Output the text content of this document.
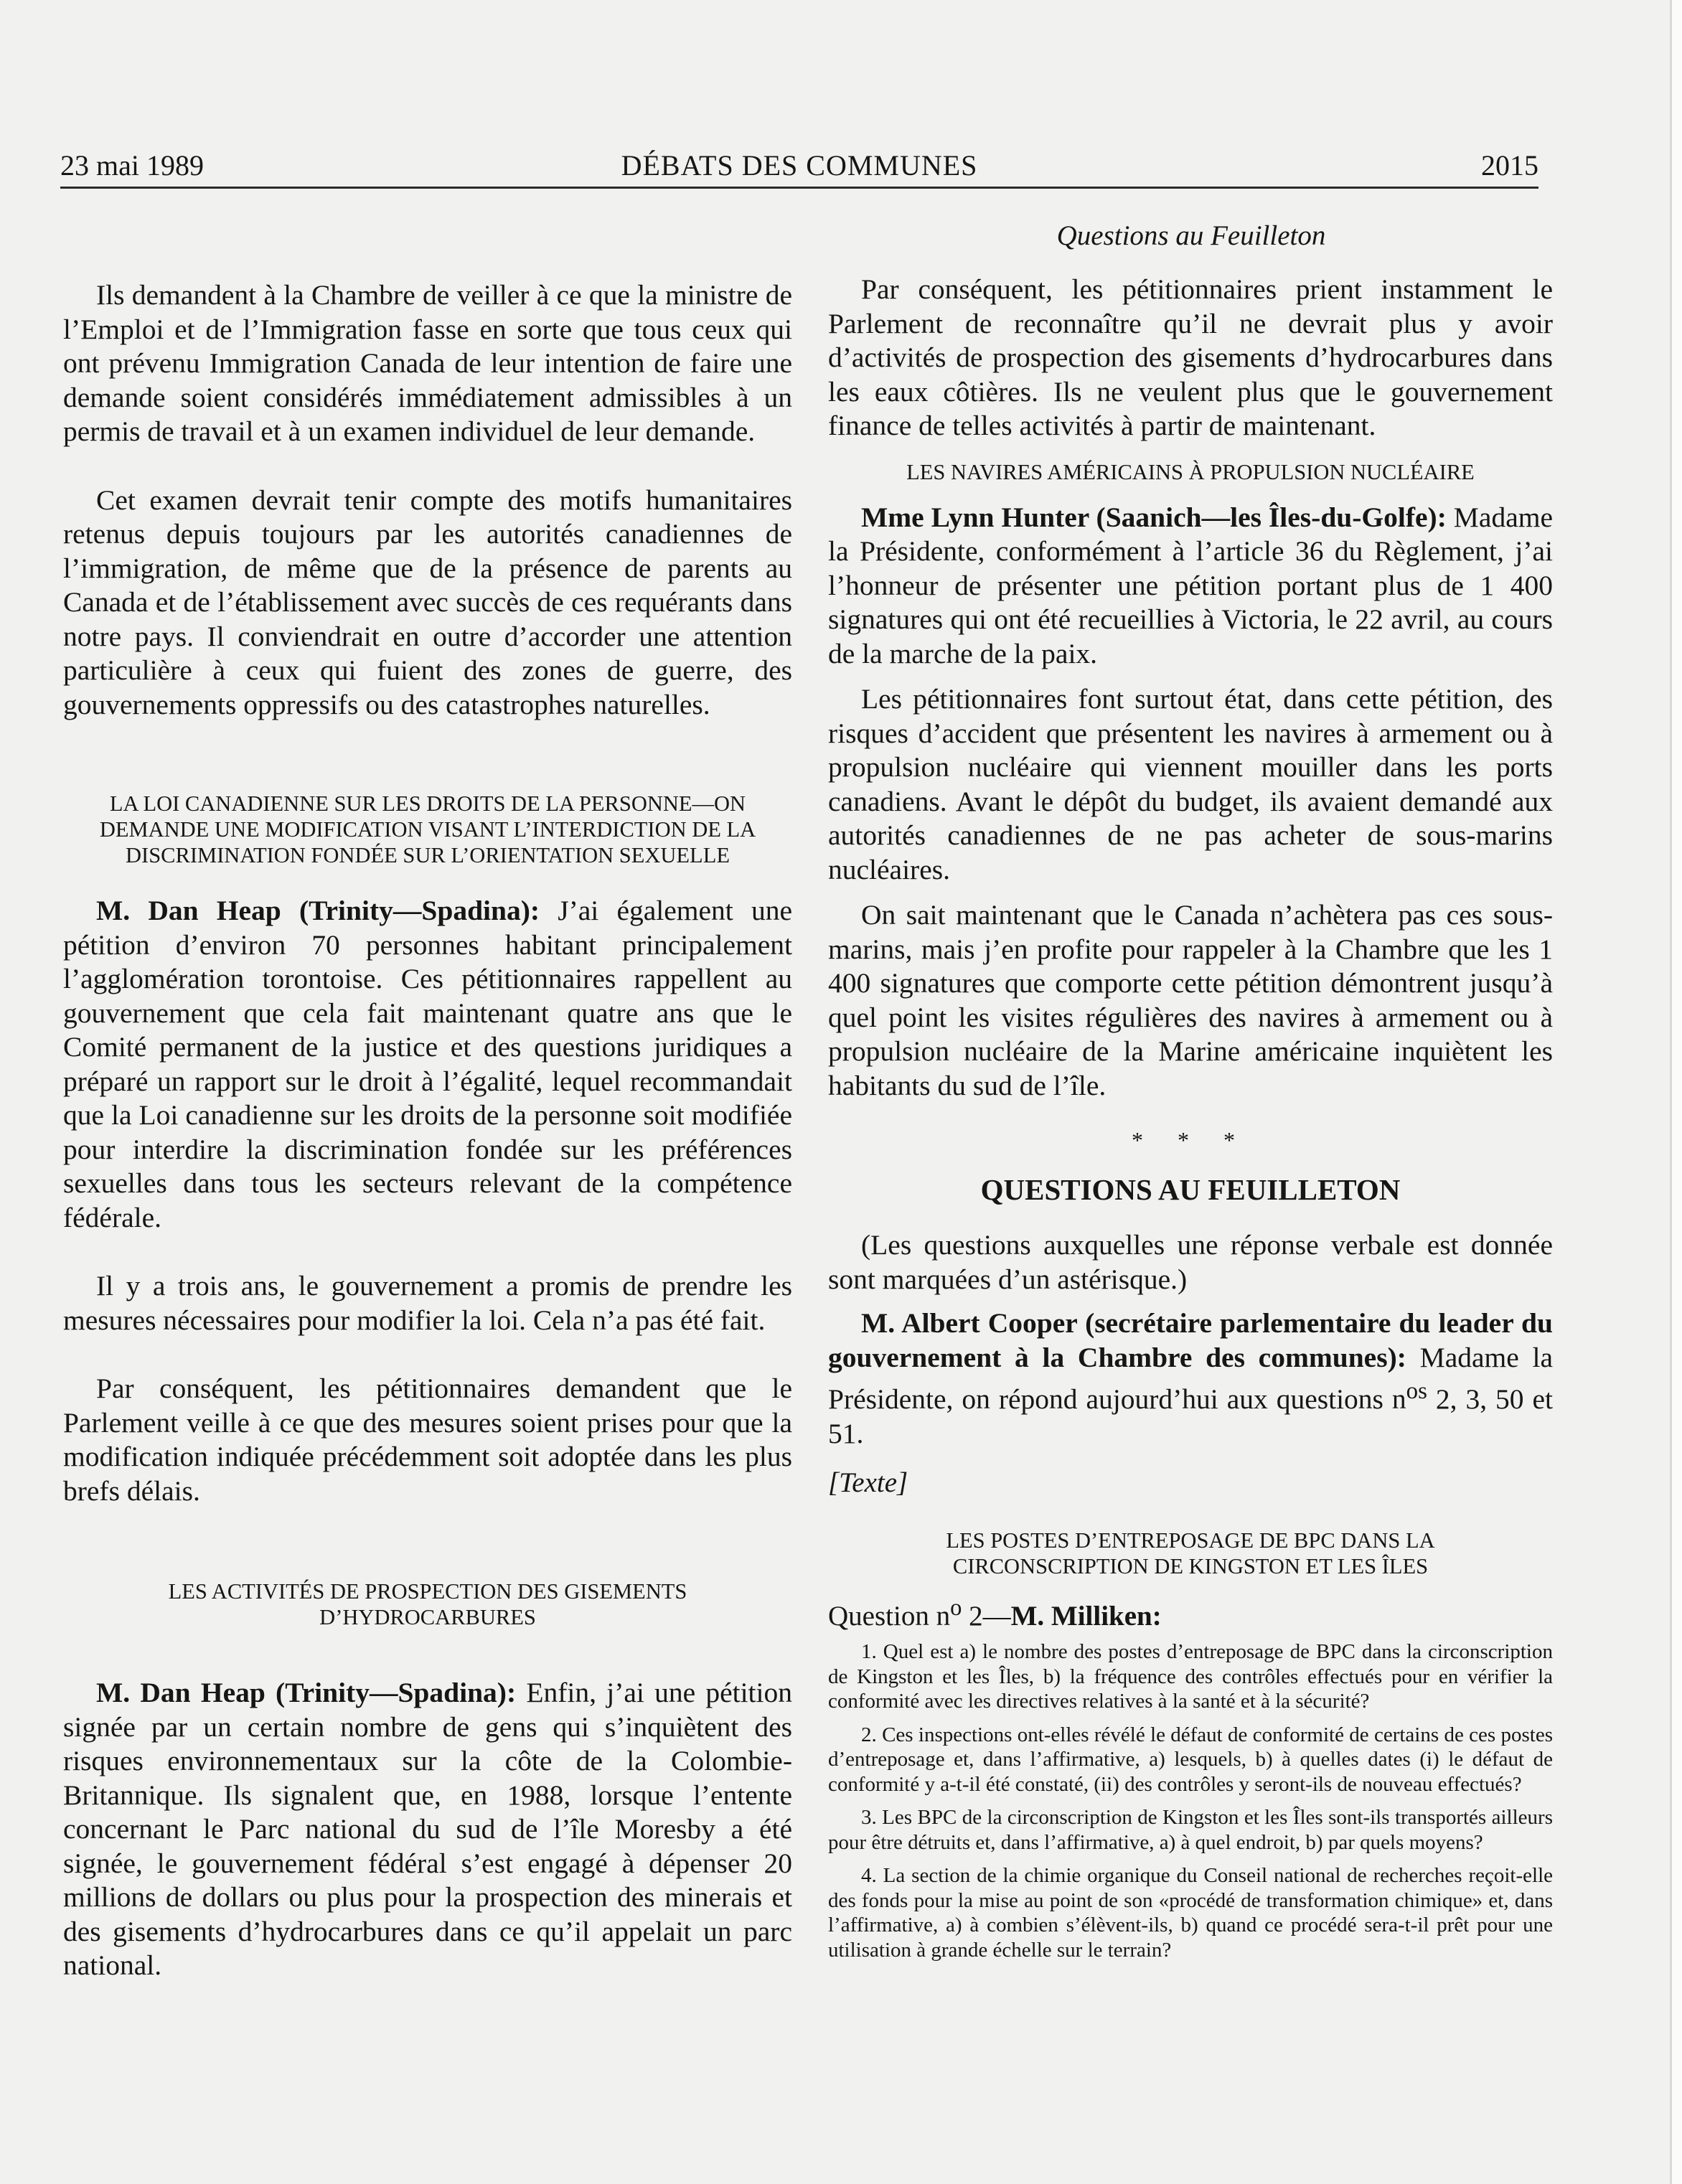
23 mai 1989	DÉBATS DES COMMUNES	2015
Questions au Feuilleton

Ils demandent à la Chambre de veiller à ce que la ministre de l’Emploi et de l’Immigration fasse en sorte que tous ceux qui ont prévenu Immigration Canada de leur intention de faire une demande soient considérés immédiatement admissibles à un permis de travail et à un examen individuel de leur demande.

Cet examen devrait tenir compte des motifs humanitaires retenus depuis toujours par les autorités canadiennes de l’immigration, de même que de la présence de parents au Canada et de l’établissement avec succès de ces requérants dans notre pays. Il conviendrait en outre d’accorder une attention particulière à ceux qui fuient des zones de guerre, des gouvernements oppressifs ou des catastrophes naturelles.

LA LOI CANADIENNE SUR LES DROITS DE LA PERSONNE—ON DEMANDE UNE MODIFICATION VISANT L’INTERDICTION DE LA DISCRIMINATION FONDÉE SUR L’ORIENTATION SEXUELLE

M. Dan Heap (Trinity—Spadina): J’ai également une pétition d’environ 70 personnes habitant principalement l’agglomération torontoise. Ces pétitionnaires rappellent au gouvernement que cela fait maintenant quatre ans que le Comité permanent de la justice et des questions juridiques a préparé un rapport sur le droit à l’égalité, lequel recommandait que la Loi canadienne sur les droits de la personne soit modifiée pour interdire la discrimination fondée sur les préférences sexuelles dans tous les secteurs relevant de la compétence fédérale.

Il y a trois ans, le gouvernement a promis de prendre les mesures nécessaires pour modifier la loi. Cela n’a pas été fait.

Par conséquent, les pétitionnaires demandent que le Parlement veille à ce que des mesures soient prises pour que la modification indiquée précédemment soit adoptée dans les plus brefs délais.

LES ACTIVITÉS DE PROSPECTION DES GISEMENTS D’HYDROCARBURES

M. Dan Heap (Trinity—Spadina): Enfin, j’ai une pétition signée par un certain nombre de gens qui s’inquiètent des risques environnementaux sur la côte de la Colombie-Britannique. Ils signalent que, en 1988, lorsque l’entente concernant le Parc national du sud de l’île Moresby a été signée, le gouvernement fédéral s’est engagé à dépenser 20 millions de dollars ou plus pour la prospection des minerais et des gisements d’hydrocarbures dans ce qu’il appelait un parc national.

Par conséquent, les pétitionnaires prient instamment le Parlement de reconnaître qu’il ne devrait plus y avoir d’activités de prospection des gisements d’hydrocarbures dans les eaux côtières. Ils ne veulent plus que le gouvernement finance de telles activités à partir de maintenant.

LES NAVIRES AMÉRICAINS À PROPULSION NUCLÉAIRE

Mme Lynn Hunter (Saanich—les Îles-du-Golfe): Madame la Présidente, conformément à l’article 36 du Règlement, j’ai l’honneur de présenter une pétition portant plus de 1 400 signatures qui ont été recueillies à Victoria, le 22 avril, au cours de la marche de la paix.

Les pétitionnaires font surtout état, dans cette pétition, des risques d’accident que présentent les navires à armement ou à propulsion nucléaire qui viennent mouiller dans les ports canadiens. Avant le dépôt du budget, ils avaient demandé aux autorités canadiennes de ne pas acheter de sous-marins nucléaires.

On sait maintenant que le Canada n’achètera pas ces sous-marins, mais j’en profite pour rappeler à la Chambre que les 1 400 signatures que comporte cette pétition démontrent jusqu’à quel point les visites régulières des navires à armement ou à propulsion nucléaire de la Marine américaine inquiètent les habitants du sud de l’île.

* * *

QUESTIONS AU FEUILLETON

(Les questions auxquelles une réponse verbale est donnée sont marquées d’un astérisque.)

M. Albert Cooper (secrétaire parlementaire du leader du gouvernement à la Chambre des communes): Madame la Présidente, on répond aujourd’hui aux questions $n^{os}$ 2, 3, 50 et 51.

[Texte]

LES POSTES D’ENTREPOSAGE DE BPC DANS LA CIRCONSCRIPTION DE KINGSTON ET LES ÎLES

Question $n^o$ 2—M. Milliken:

1. Quel est a) le nombre des postes d’entreposage de BPC dans la circonscription de Kingston et les Îles, b) la fréquence des contrôles effectués pour en vérifier la conformité avec les directives relatives à la santé et à la sécurité?

2. Ces inspections ont-elles révélé le défaut de conformité de certains de ces postes d’entreposage et, dans l’affirmative, a) lesquels, b) à quelles dates (i) le défaut de conformité y a-t-il été constaté, (ii) des contrôles y seront-ils de nouveau effectués?

3. Les BPC de la circonscription de Kingston et les Îles sont-ils transportés ailleurs pour être détruits et, dans l’affirmative, a) à quel endroit, b) par quels moyens?

4. La section de la chimie organique du Conseil national de recherches reçoit-elle des fonds pour la mise au point de son «procédé de transformation chimique» et, dans l’affirmative, a) à combien s’élèvent-ils, b) quand ce procédé sera-t-il prêt pour une utilisation à grande échelle sur le terrain?
